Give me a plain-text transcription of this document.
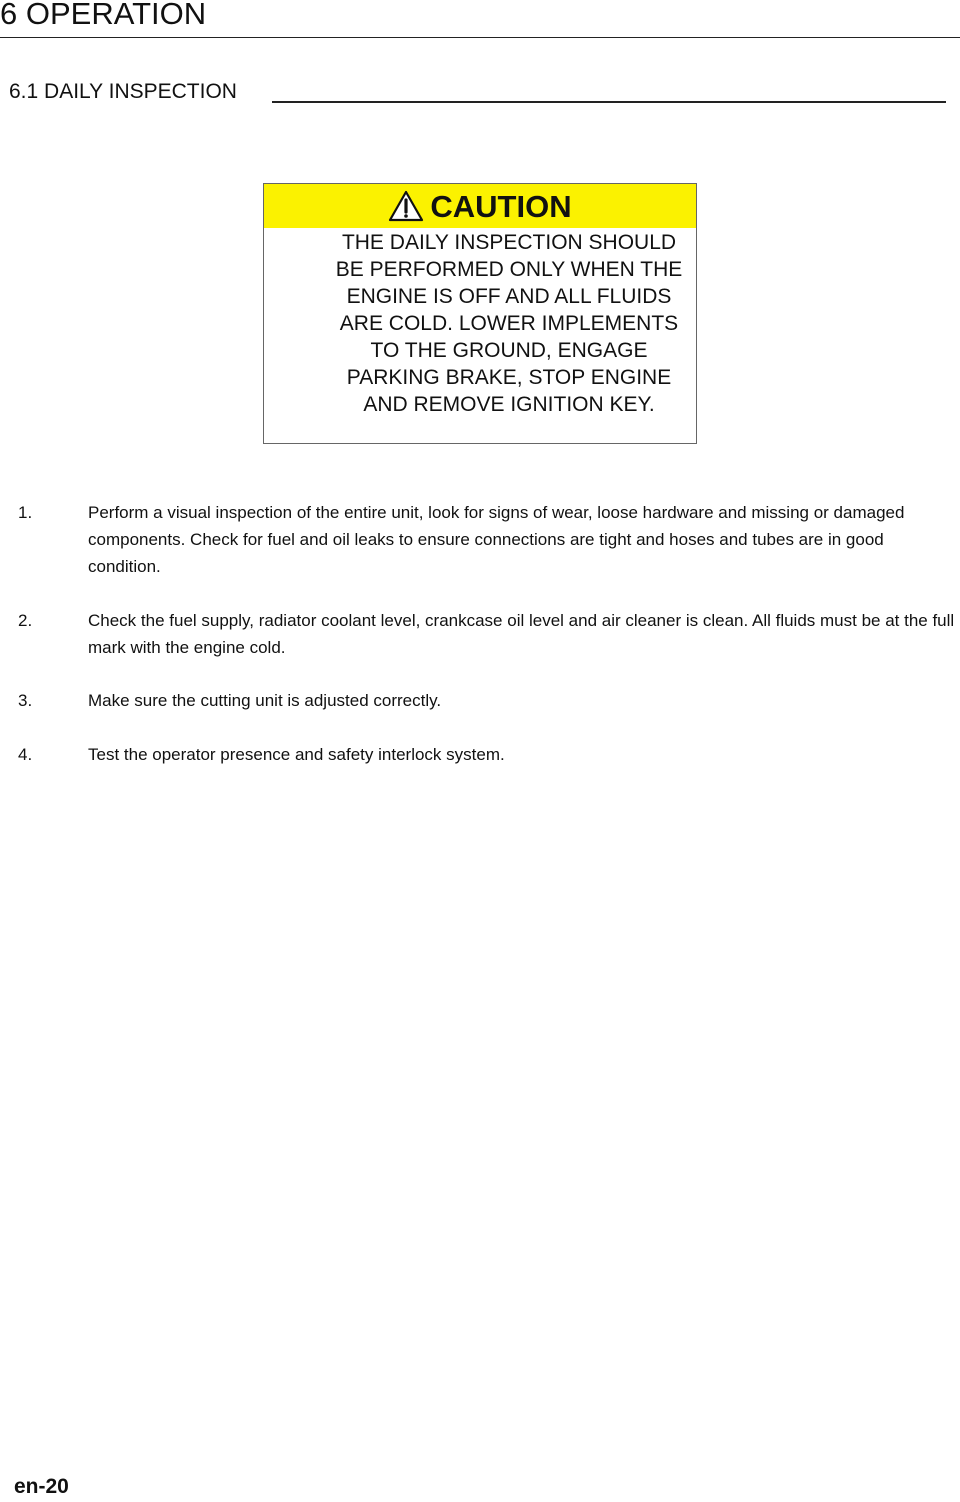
6 OPERATION
6.1 DAILY INSPECTION
CAUTION
THE DAILY INSPECTION SHOULD BE PERFORMED ONLY WHEN THE ENGINE IS OFF AND ALL FLUIDS ARE COLD. LOWER IMPLEMENTS TO THE GROUND, ENGAGE PARKING BRAKE, STOP ENGINE AND REMOVE IGNITION KEY.
1.	Perform a visual inspection of the entire unit, look for signs of wear, loose hardware and missing or damaged components. Check for fuel and oil leaks to ensure connections are tight and hoses and tubes are in good condition.
2.	Check the fuel supply, radiator coolant level, crankcase oil level and air cleaner is clean. All fluids must be at the full mark with the engine cold.
3.	Make sure the cutting unit is adjusted correctly.
4.	Test the operator presence and safety interlock system.
en-20
